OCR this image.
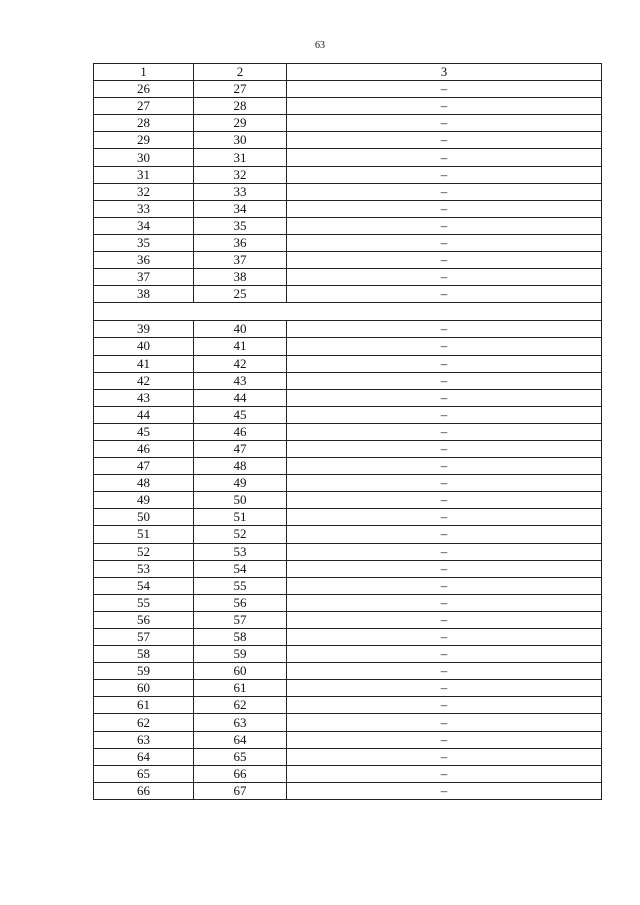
63
1	2	3
26	27	–
27	28	–
28	29	–
29	30	–
30	31	–
31	32	–
32	33	–
33	34	–
34	35	–
35	36	–
36	37	–
37	38	–
38	25	–

39	40	–
40	41	–
41	42	–
42	43	–
43	44	–
44	45	–
45	46	–
46	47	–
47	48	–
48	49	–
49	50	–
50	51	–
51	52	–
52	53	–
53	54	–
54	55	–
55	56	–
56	57	–
57	58	–
58	59	–
59	60	–
60	61	–
61	62	–
62	63	–
63	64	–
64	65	–
65	66	–
66	67	–
